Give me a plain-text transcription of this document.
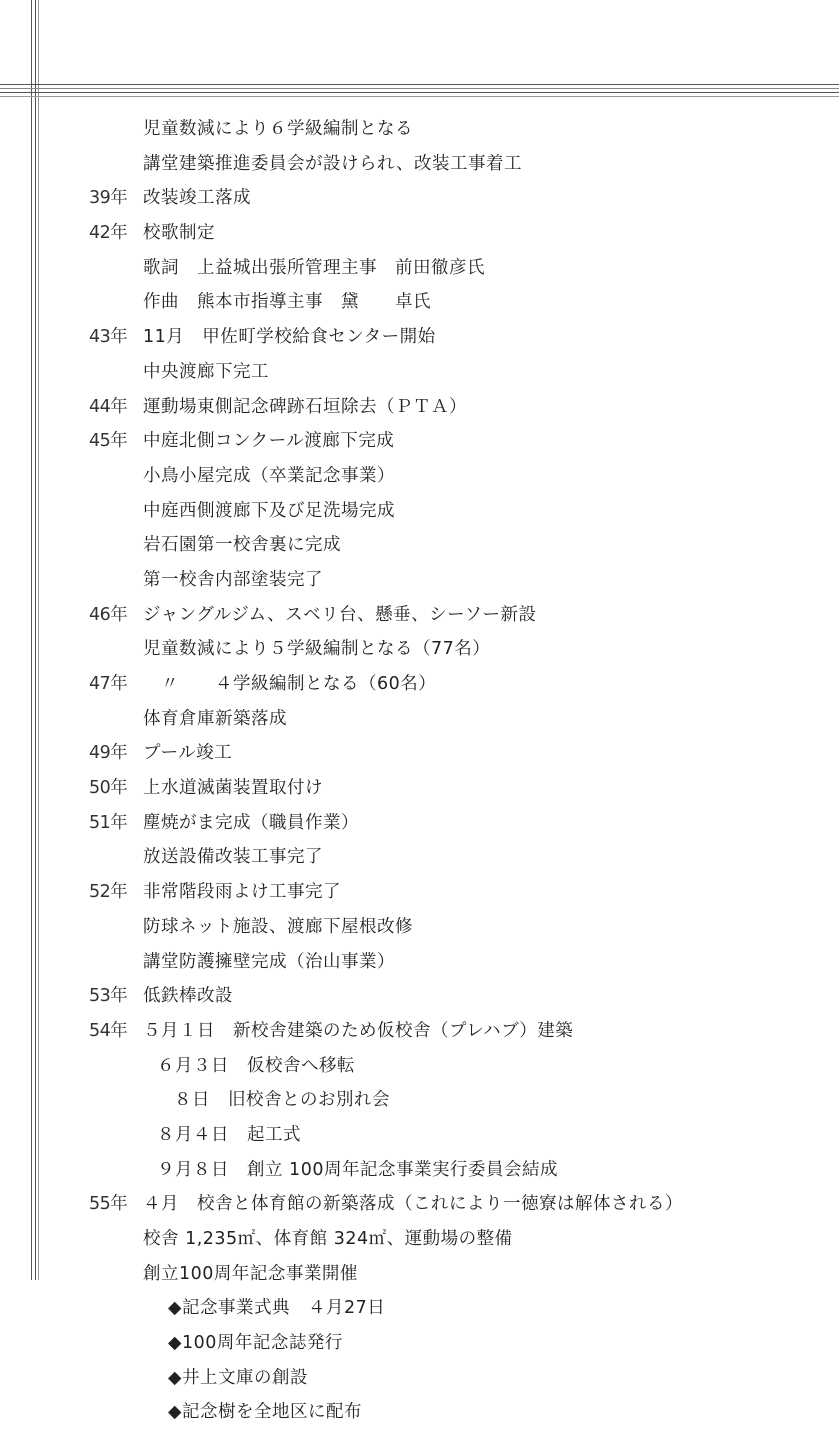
児童数減により６学級編制となる
講堂建築推進委員会が設けられ、改装工事着工
39年 改装竣工落成
42年 校歌制定
歌詞　上益城出張所管理主事　前田徹彦氏
作曲　熊本市指導主事　黛　　卓氏
43年 11月　甲佐町学校給食センター開始
中央渡廊下完工
44年 運動場東側記念碑跡石垣除去（ＰＴＡ）
45年 中庭北側コンクール渡廊下完成
小鳥小屋完成（卒業記念事業）
中庭西側渡廊下及び足洗場完成
岩石園第一校舎裏に完成
第一校舎内部塗装完了
46年 ジャングルジム、スベリ台、懸垂、シーソー新設
児童数減により５学級編制となる（77名）
47年 　〃　　４学級編制となる（60名）
体育倉庫新築落成
49年 プール竣工
50年 上水道滅菌装置取付け
51年 塵焼がま完成（職員作業）
放送設備改装工事完了
52年 非常階段雨よけ工事完了
防球ネット施設、渡廊下屋根改修
講堂防護擁壁完成（治山事業）
53年 低鉄棒改設
54年 ５月１日　新校舎建築のため仮校舎（プレハブ）建築
６月３日　仮校舎へ移転
８日　旧校舎とのお別れ会
８月４日　起工式
９月８日　創立 100周年記念事業実行委員会結成
55年 ４月　校舎と体育館の新築落成（これにより一徳寮は解体される）
校舎 1,235㎡、体育館 324㎡、運動場の整備
創立100周年記念事業開催
◆記念事業式典　４月27日
◆100周年記念誌発行
◆井上文庫の創設
◆記念樹を全地区に配布
